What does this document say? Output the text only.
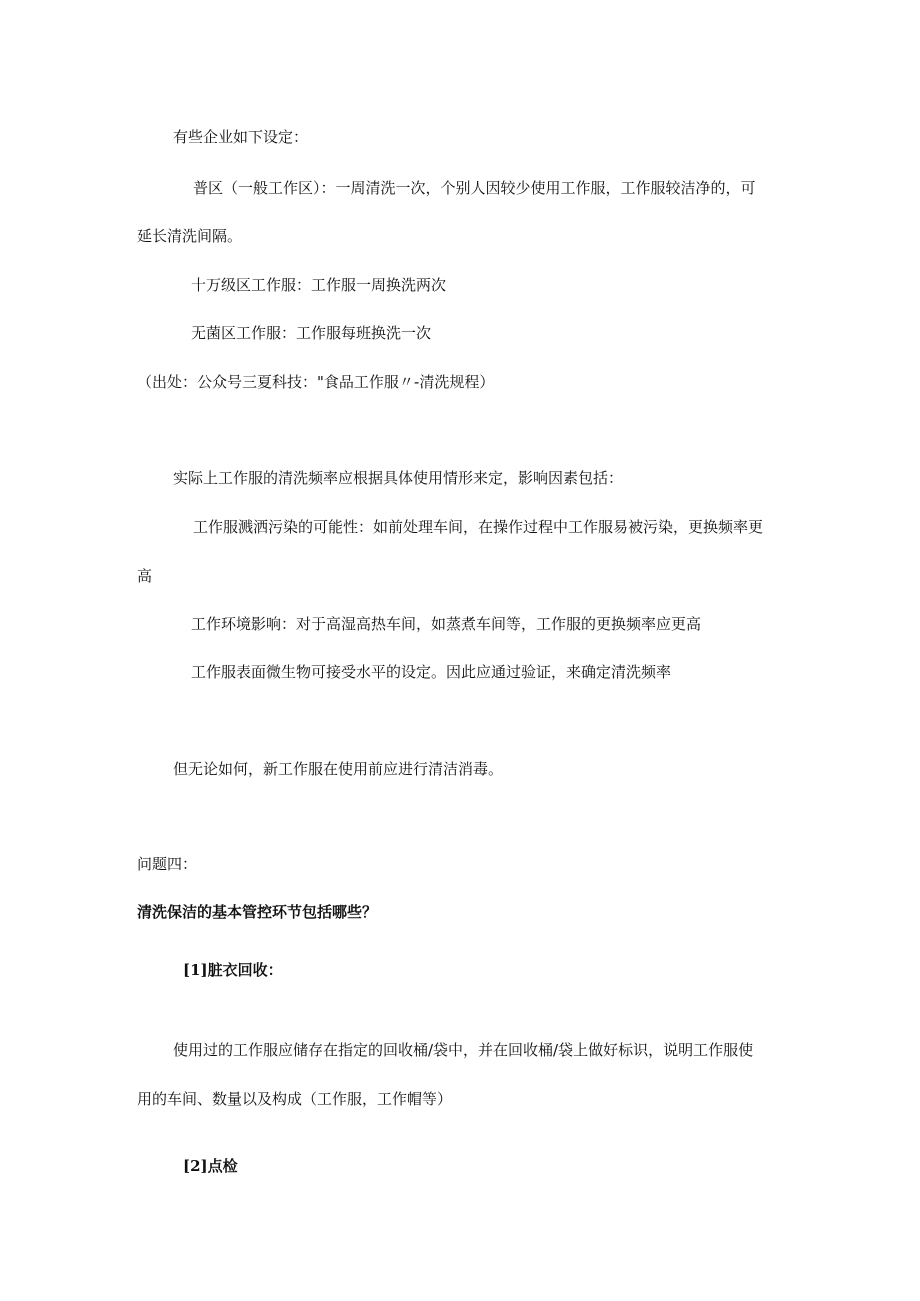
有些企业如下设定：
普区（一般工作区）：一周清洗一次，个别人因较少使用工作服，工作服较洁净的，可
延长清洗间隔。
十万级区工作服：工作服一周换洗两次
无菌区工作服：工作服每班换洗一次
（出处：公众号三夏科技："食品工作服〃-清洗规程）
实际上工作服的清洗频率应根据具体使用情形来定，影响因素包括：
工作服溅洒污染的可能性：如前处理车间，在操作过程中工作服易被污染，更换频率更
高
工作环境影响：对于高湿高热车间，如蒸煮车间等，工作服的更换频率应更高
工作服表面微生物可接受水平的设定。因此应通过验证，来确定清洗频率
但无论如何，新工作服在使用前应进行清洁消毒。
问题四：
清洗保洁的基本管控环节包括哪些？
[1]脏衣回收：
使用过的工作服应储存在指定的回收桶/袋中，并在回收桶/袋上做好标识，说明工作服使
用的车间、数量以及构成（工作服，工作帽等）
[2]点检
